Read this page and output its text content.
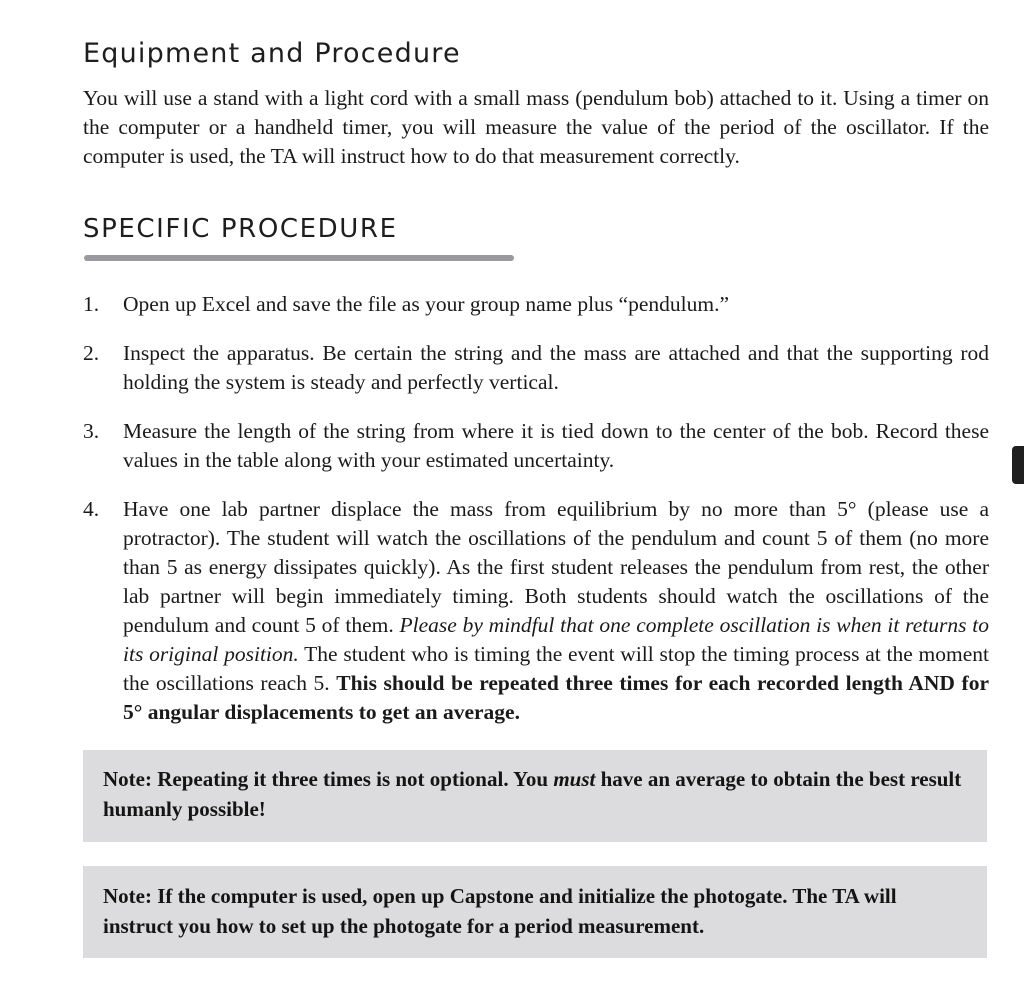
Equipment and Procedure

You will use a stand with a light cord with a small mass (pendulum bob) attached to it. Using a timer on the computer or a handheld timer, you will measure the value of the period of the oscillator. If the computer is used, the TA will instruct how to do that measurement correctly.

SPECIFIC PROCEDURE
1. Open up Excel and save the file as your group name plus “pendulum.”
2. Inspect the apparatus. Be certain the string and the mass are attached and that the supporting rod holding the system is steady and perfectly vertical.
3. Measure the length of the string from where it is tied down to the center of the bob. Record these values in the table along with your estimated uncertainty.
4. Have one lab partner displace the mass from equilibrium by no more than 5° (please use a protractor). The student will watch the oscillations of the pendulum and count 5 of them (no more than 5 as energy dissipates quickly). As the first student releases the pendulum from rest, the other lab partner will begin immediately timing. Both students should watch the oscillations of the pendulum and count 5 of them. Please by mindful that one complete oscillation is when it returns to its original position. The student who is timing the event will stop the timing process at the moment the oscillations reach 5. This should be repeated three times for each recorded length AND for 5° angular displacements to get an average.
Note: Repeating it three times is not optional. You must have an average to obtain the best result humanly possible!
Note: If the computer is used, open up Capstone and initialize the photogate. The TA will instruct you how to set up the photogate for a period measurement.
